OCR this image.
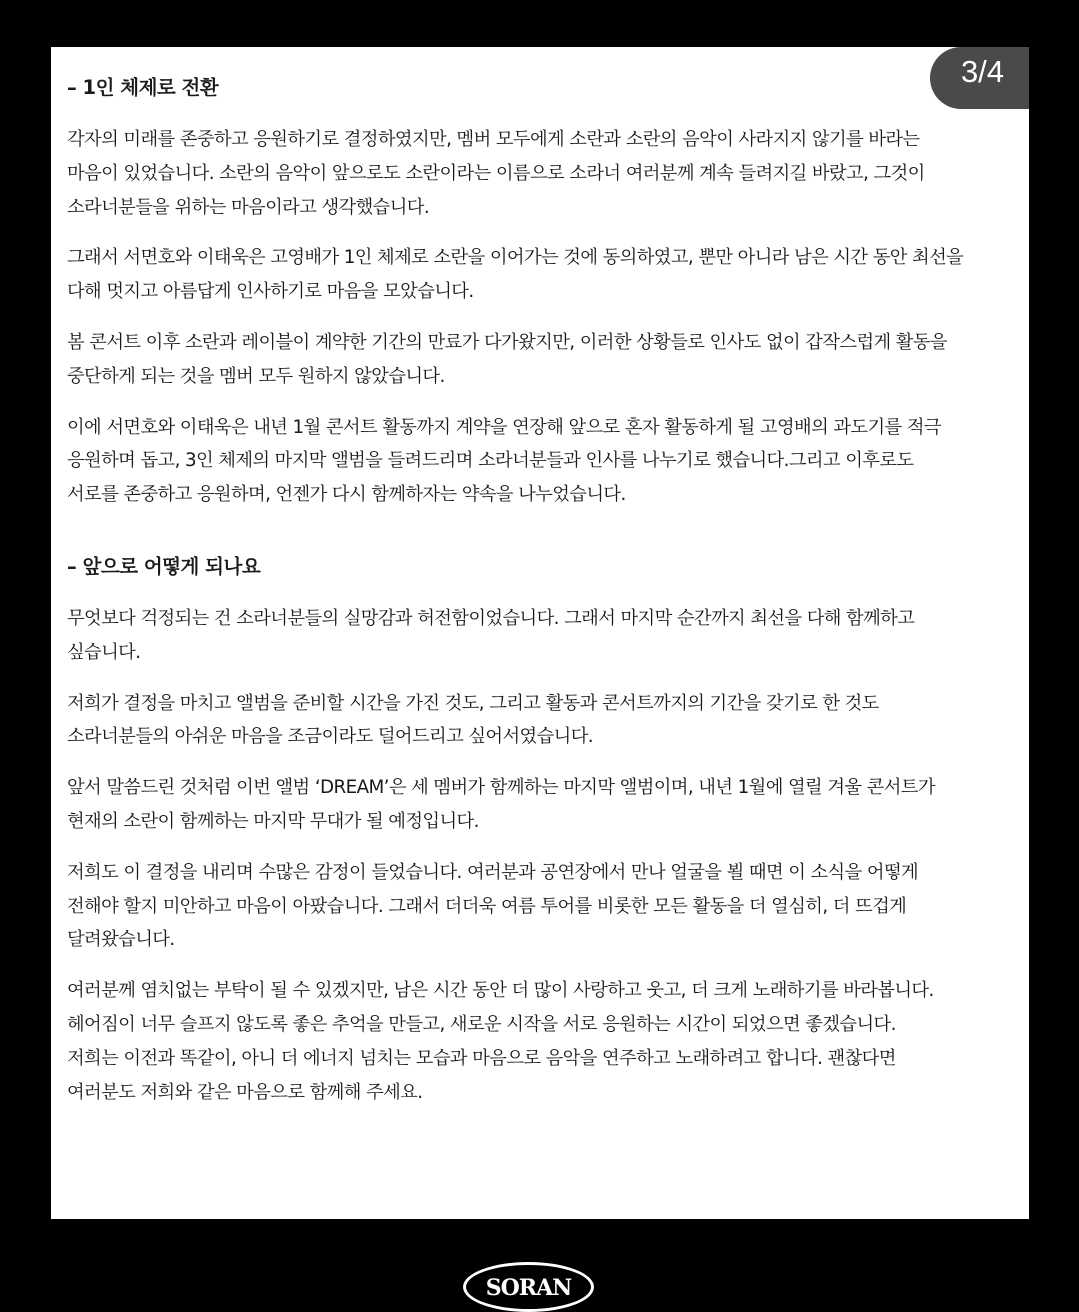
– 1인 체제로 전환
각자의 미래를 존중하고 응원하기로 결정하였지만, 멤버 모두에게 소란과 소란의 음악이 사라지지 않기를 바라는
마음이 있었습니다. 소란의 음악이 앞으로도 소란이라는 이름으로 소라너 여러분께 계속 들려지길 바랐고, 그것이
소라너분들을 위하는 마음이라고 생각했습니다.
그래서 서면호와 이태욱은 고영배가 1인 체제로 소란을 이어가는 것에 동의하였고, 뿐만 아니라 남은 시간 동안 최선을
다해 멋지고 아름답게 인사하기로 마음을 모았습니다.
봄 콘서트 이후 소란과 레이블이 계약한 기간의 만료가 다가왔지만, 이러한 상황들로 인사도 없이 갑작스럽게 활동을
중단하게 되는 것을 멤버 모두 원하지 않았습니다.
이에 서면호와 이태욱은 내년 1월 콘서트 활동까지 계약을 연장해 앞으로 혼자 활동하게 될 고영배의 과도기를 적극
응원하며 돕고, 3인 체제의 마지막 앨범을 들려드리며 소라너분들과 인사를 나누기로 했습니다.그리고 이후로도
서로를 존중하고 응원하며, 언젠가 다시 함께하자는 약속을 나누었습니다.
– 앞으로 어떻게 되나요
무엇보다 걱정되는 건 소라너분들의 실망감과 허전함이었습니다. 그래서 마지막 순간까지 최선을 다해 함께하고
싶습니다.
저희가 결정을 마치고 앨범을 준비할 시간을 가진 것도, 그리고 활동과 콘서트까지의 기간을 갖기로 한 것도
소라너분들의 아쉬운 마음을 조금이라도 덜어드리고 싶어서였습니다.
앞서 말씀드린 것처럼 이번 앨범 ‘DREAM’은 세 멤버가 함께하는 마지막 앨범이며, 내년 1월에 열릴 겨울 콘서트가
현재의 소란이 함께하는 마지막 무대가 될 예정입니다.
저희도 이 결정을 내리며 수많은 감정이 들었습니다. 여러분과 공연장에서 만나 얼굴을 뵐 때면 이 소식을 어떻게
전해야 할지 미안하고 마음이 아팠습니다. 그래서 더더욱 여름 투어를 비롯한 모든 활동을 더 열심히, 더 뜨겁게
달려왔습니다.
여러분께 염치없는 부탁이 될 수 있겠지만, 남은 시간 동안 더 많이 사랑하고 웃고, 더 크게 노래하기를 바라봅니다.
헤어짐이 너무 슬프지 않도록 좋은 추억을 만들고, 새로운 시작을 서로 응원하는 시간이 되었으면 좋겠습니다.
저희는 이전과 똑같이, 아니 더 에너지 넘치는 모습과 마음으로 음악을 연주하고 노래하려고 합니다. 괜찮다면
여러분도 저희와 같은 마음으로 함께해 주세요.
3/4
SORAN
